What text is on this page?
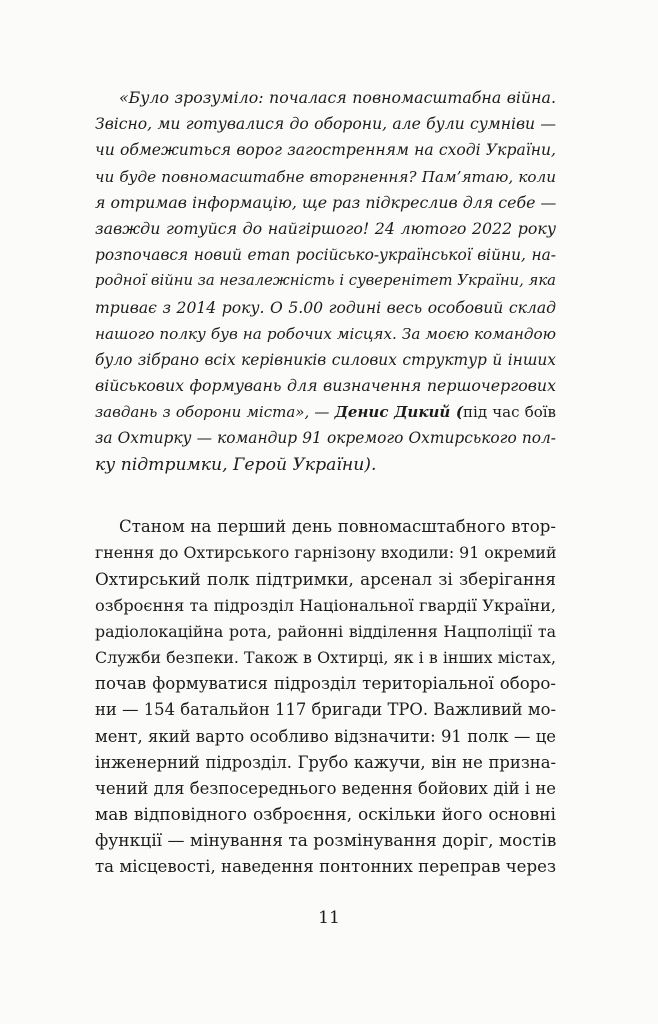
«Було зрозуміло: почалася повномасштабна війна.
Звісно, ми готувалися до оборони, але були сумніви —
чи обмежиться ворог загостренням на сході України,
чи буде повномасштабне вторгнення? Пам’ятаю, коли
я отримав інформацію, ще раз підкреслив для себе —
завжди готуйся до найгіршого! 24 лютого 2022 року
розпочався новий етап російсько-української війни, на-
родної війни за незалежність і суверенітет України, яка
триває з 2014 року. О 5.00 годині весь особовий склад
нашого полку був на робочих місцях. За моєю командою
було зібрано всіх керівників силових структур й інших
військових формувань для визначення першочергових
завдань з оборони міста», — Денис Дикий (під час боїв
за Охтирку — командир 91 окремого Охтирського пол-
ку підтримки, Герой України).
Станом на перший день повномасштабного втор-
гнення до Охтирського гарнізону входили: 91 окремий
Охтирський полк підтримки, арсенал зі зберігання
озброєння та підрозділ Національної гвардії України,
радіолокаційна рота, районні відділення Нацполіції та
Служби безпеки. Також в Охтирці, як і в інших містах,
почав формуватися підрозділ територіальної оборо-
ни — 154 батальйон 117 бригади ТРО. Важливий мо-
мент, який варто особливо відзначити: 91 полк — це
інженерний підрозділ. Грубо кажучи, він не призна-
чений для безпосереднього ведення бойових дій і не
мав відповідного озброєння, оскільки його основні
функції — мінування та розмінування доріг, мостів
та місцевості, наведення понтонних переправ через
11
